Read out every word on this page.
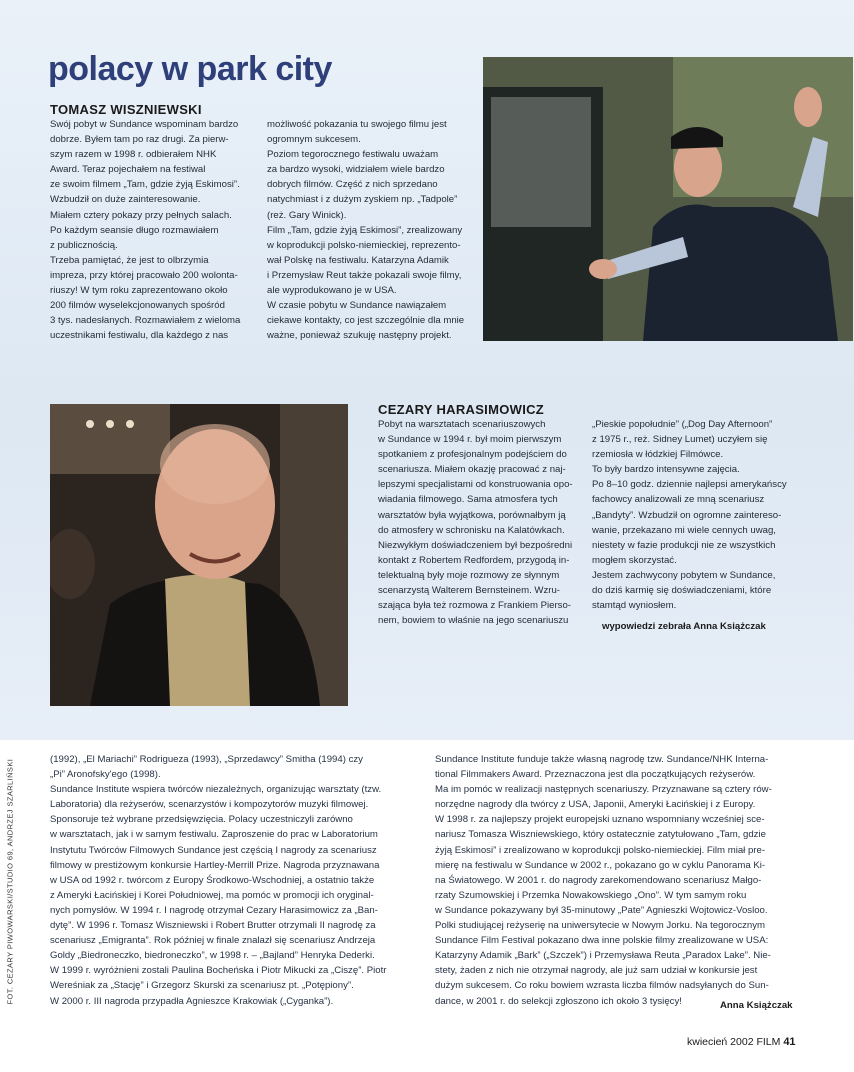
polacy w park city
TOMASZ WISZNIEWSKI

Swój pobyt w Sundance wspominam bardzo

dobrze. Byłem tam po raz drugi. Za pierw-

szym razem w 1998 r. odbierałem NHK

Award. Teraz pojechałem na festiwal

ze swoim filmem „Tam, gdzie żyją Eskimosi”.

Wzbudził on duże zainteresowanie.

Miałem cztery pokazy przy pełnych salach.

Po każdym seansie długo rozmawiałem

z publicznością.

Trzeba pamiętać, że jest to olbrzymia

impreza, przy której pracowało 200 wolonta-

riuszy! W tym roku zaprezentowano około

200 filmów wyselekcjonowanych spośród

3 tys. nadesłanych. Rozmawiałem z wieloma

uczestnikami festiwalu, dla każdego z nas

możliwość pokazania tu swojego filmu jest

ogromnym sukcesem.

Poziom tegorocznego festiwalu uważam

za bardzo wysoki, widziałem wiele bardzo

dobrych filmów. Część z nich sprzedano

natychmiast i z dużym zyskiem np. „Tadpole”

(reż. Gary Winick).

Film „Tam, gdzie żyją Eskimosi”, zrealizowany

w koprodukcji polsko-niemieckiej, reprezento-

wał Polskę na festiwalu. Katarzyna Adamik

i Przemysław Reut także pokazali swoje filmy,

ale wyprodukowano je w USA.

W czasie pobytu w Sundance nawiązałem

ciekawe kontakty, co jest szczególnie dla mnie

ważne, ponieważ szukuję następny projekt.

CEZARY HARASIMOWICZ

Pobyt na warsztatach scenariuszowych

w Sundance w 1994 r. był moim pierwszym

spotkaniem z profesjonalnym podejściem do

scenariusza. Miałem okazję pracować z naj-

lepszymi specjalistami od konstruowania opo-

wiadania filmowego. Sama atmosfera tych

warsztatów była wyjątkowa, porównałbym ją

do atmosfery w schronisku na Kalatówkach.

Niezwykłym doświadczeniem był bezpośredni

kontakt z Robertem Redfordem, przygodą in-

telektualną były moje rozmowy ze słynnym

scenarzystą Walterem Bernsteinem. Wzru-

szająca była też rozmowa z Frankiem Pierso-

nem, bowiem to właśnie na jego scenariuszu

„Pieskie popołudnie” („Dog Day Afternoon”

z 1975 r., reż. Sidney Lumet) uczyłem się

rzemiosła w łódzkiej Filmówce.

To były bardzo intensywne zajęcia.

Po 8–10 godz. dziennie najlepsi amerykańscy

fachowcy analizowali ze mną scenariusz

„Bandyty”. Wzbudził on ogromne zaintereso-

wanie, przekazano mi wiele cennych uwag,

niestety w fazie produkcji nie ze wszystkich

mogłem skorzystać.

Jestem zachwycony pobytem w Sundance,

do dziś karmię się doświadczeniami, które

stamtąd wyniosłem.

wypowiedzi zebrała Anna Książczak

(1992), „El Mariachi” Rodrigueza (1993), „Sprzedawcy” Smitha (1994) czy

„Pi” Aronofsky'ego (1998).

Sundance Institute wspiera twórców niezależnych, organizując warsztaty (tzw.

Laboratoria) dla reżyserów, scenarzystów i kompozytorów muzyki filmowej.

Sponsoruje też wybrane przedsięwzięcia. Polacy uczestniczyli zarówno

w warsztatach, jak i w samym festiwalu. Zaproszenie do prac w Laboratorium

Instytutu Twórców Filmowych Sundance jest częścią I nagrody za scenariusz

filmowy w prestiżowym konkursie Hartley-Merrill Prize. Nagroda przyznawana

w USA od 1992 r. twórcom z Europy Środkowo-Wschodniej, a ostatnio także

z Ameryki Łacińskiej i Korei Południowej, ma pomóc w promocji ich oryginal-

nych pomysłów. W 1994 r. I nagrodę otrzymał Cezary Harasimowicz za „Ban-

dytę”. W 1996 r. Tomasz Wiszniewski i Robert Brutter otrzymali II nagrodę za

scenariusz „Emigranta”. Rok później w finale znalazł się scenariusz Andrzeja

Goldy „Biedroneczko, biedroneczko”, w 1998 r. – „Bajland” Henryka Dederki.

W 1999 r. wyróżnieni zostali Paulina Bocheńska i Piotr Mikucki za „Ciszę”. Piotr

Wereśniak za „Stację” i Grzegorz Skurski za scenariusz pt. „Potępiony”.

W 2000 r. III nagroda przypadła Agnieszce Krakowiak („Cyganka”).

Sundance Institute funduje także własną nagrodę tzw. Sundance/NHK Interna-

tional Filmmakers Award. Przeznaczona jest dla początkujących reżyserów.

Ma im pomóc w realizacji następnych scenariuszy. Przyznawane są cztery rów-

norzędne nagrody dla twórcy z USA, Japonii, Ameryki Łacińskiej i z Europy.

W 1998 r. za najlepszy projekt europejski uznano wspomniany wcześniej sce-

nariusz Tomasza Wiszniewskiego, który ostatecznie zatytułowano „Tam, gdzie

żyją Eskimosi” i zrealizowano w koprodukcji polsko-niemieckiej. Film miał pre-

mierę na festiwalu w Sundance w 2002 r., pokazano go w cyklu Panorama Ki-

na Światowego. W 2001 r. do nagrody zarekomendowano scenariusz Małgo-

rzaty Szumowskiej i Przemka Nowakowskiego „Ono”. W tym samym roku

w Sundance pokazywany był 35-minutowy „Pate” Agnieszki Wojtowicz-Vosloo.

Polki studiującej reżyserię na uniwersytecie w Nowym Jorku. Na tegorocznym

Sundance Film Festival pokazano dwa inne polskie filmy zrealizowane w USA:

Katarzyny Adamik „Bark” („Szczek”) i Przemysława Reuta „Paradox Lake”. Nie-

stety, żaden z nich nie otrzymał nagrody, ale już sam udział w konkursie jest

dużym sukcesem. Co roku bowiem wzrasta liczba filmów nadsyłanych do Sun-

dance, w 2001 r. do selekcji zgłoszono ich około 3 tysięcy!	Anna Książczak
FOT. CEZARY PIWOWARSKI/STUDIO 69, ANDRZEJ SZARLIŃSKI
kwiecień 2002 FILM 41
